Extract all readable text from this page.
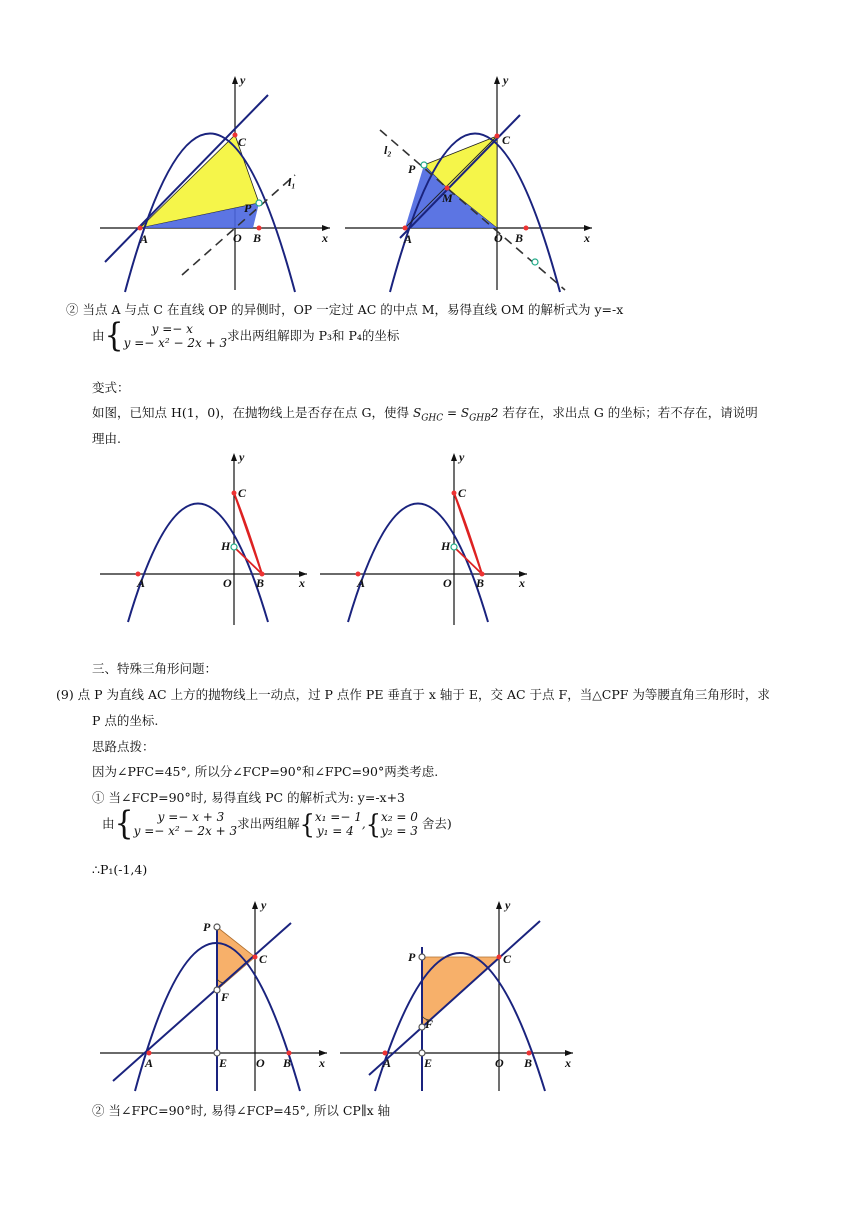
y
x
A
C
P
O B
l₁
y
x
A
C
P
M
O B
l₂
② 当点 A 与点 C 在直线 OP 的异侧时，OP 一定过 AC 的中点 M，易得直线 OM 的解析式为 y=-x
由 {	y =− x
y =− x² − 2x + 3 求出两组解即为 P₃和 P₄的坐标
变式：
如图，已知点 H(1，0)，在抛物线上是否存在点 G，使得 $S_{GHC} = S_{GHB}2$ 若存在，求出点 G 的坐标；若不存在，请说明
理由.
y
x
A
C
H
O B
y
x
A
C
H
O B
三、特殊三角形问题：
(9) 点 P 为直线 AC 上方的抛物线上一动点，过 P 点作 PE 垂直于 x 轴于 E，交 AC 于点 F，当△CPF 为等腰直角三角形时，求
P 点的坐标.
思路点拨：
因为∠PFC=45°, 所以分∠FCP=90°和∠FPC=90°两类考虑.
① 当∠FCP=90°时, 易得直线 PC 的解析式为: y=-x+3
由 {	y =− x + 3
y =− x² − 2x + 3 求出两组解 { x₁ =− 1
y₁ = 4 , { x₂ = 0
y₂ = 3 舍去)
∴P₁(-1,4)
y
x
A
P
C
F
E O B
y
x
A
P	C
F
E	O B
② 当∠FPC=90°时, 易得∠FCP=45°, 所以 CP∥x 轴
